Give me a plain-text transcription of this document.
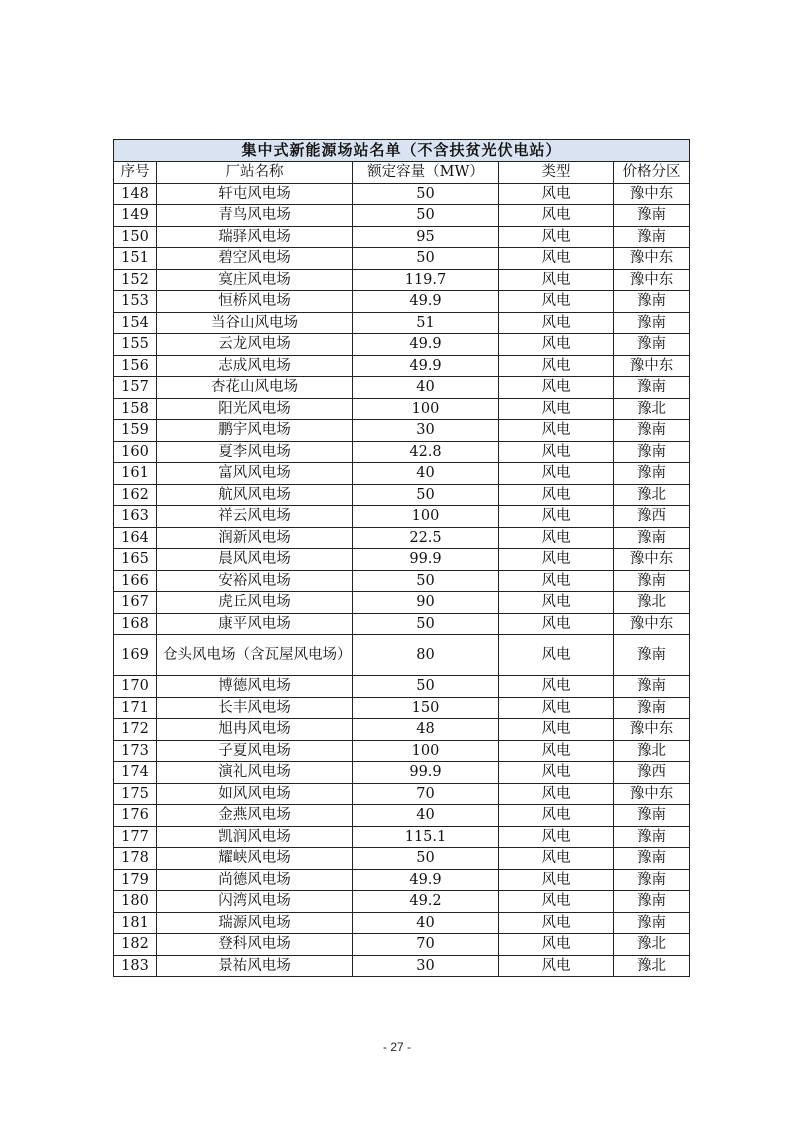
集中式新能源场站名单（不含扶贫光伏电站）				
序号	厂站名称	额定容量（MW）	类型	价格分区
148	轩屯风电场	50	风电	豫中东
149	青鸟风电场	50	风电	豫南
150	瑞驿风电场	95	风电	豫南
151	碧空风电场	50	风电	豫中东
152	寞庄风电场	119.7	风电	豫中东
153	恒桥风电场	49.9	风电	豫南
154	当谷山风电场	51	风电	豫南
155	云龙风电场	49.9	风电	豫南
156	志成风电场	49.9	风电	豫中东
157	杏花山风电场	40	风电	豫南
158	阳光风电场	100	风电	豫北
159	鹏宇风电场	30	风电	豫南
160	夏李风电场	42.8	风电	豫南
161	富风风电场	40	风电	豫南
162	航风风电场	50	风电	豫北
163	祥云风电场	100	风电	豫西
164	润新风电场	22.5	风电	豫南
165	晨风风电场	99.9	风电	豫中东
166	安裕风电场	50	风电	豫南
167	虎丘风电场	90	风电	豫北
168	康平风电场	50	风电	豫中东
169	仓头风电场（含瓦屋风电场）	80	风电	豫南
170	博德风电场	50	风电	豫南
171	长丰风电场	150	风电	豫南
172	旭冉风电场	48	风电	豫中东
173	子夏风电场	100	风电	豫北
174	演礼风电场	99.9	风电	豫西
175	如风风电场	70	风电	豫中东
176	金燕风电场	40	风电	豫南
177	凯润风电场	115.1	风电	豫南
178	耀峡风电场	50	风电	豫南
179	尚德风电场	49.9	风电	豫南
180	闪湾风电场	49.2	风电	豫南
181	瑞源风电场	40	风电	豫南
182	登科风电场	70	风电	豫北
183	景祐风电场	30	风电	豫北
- 27 -
